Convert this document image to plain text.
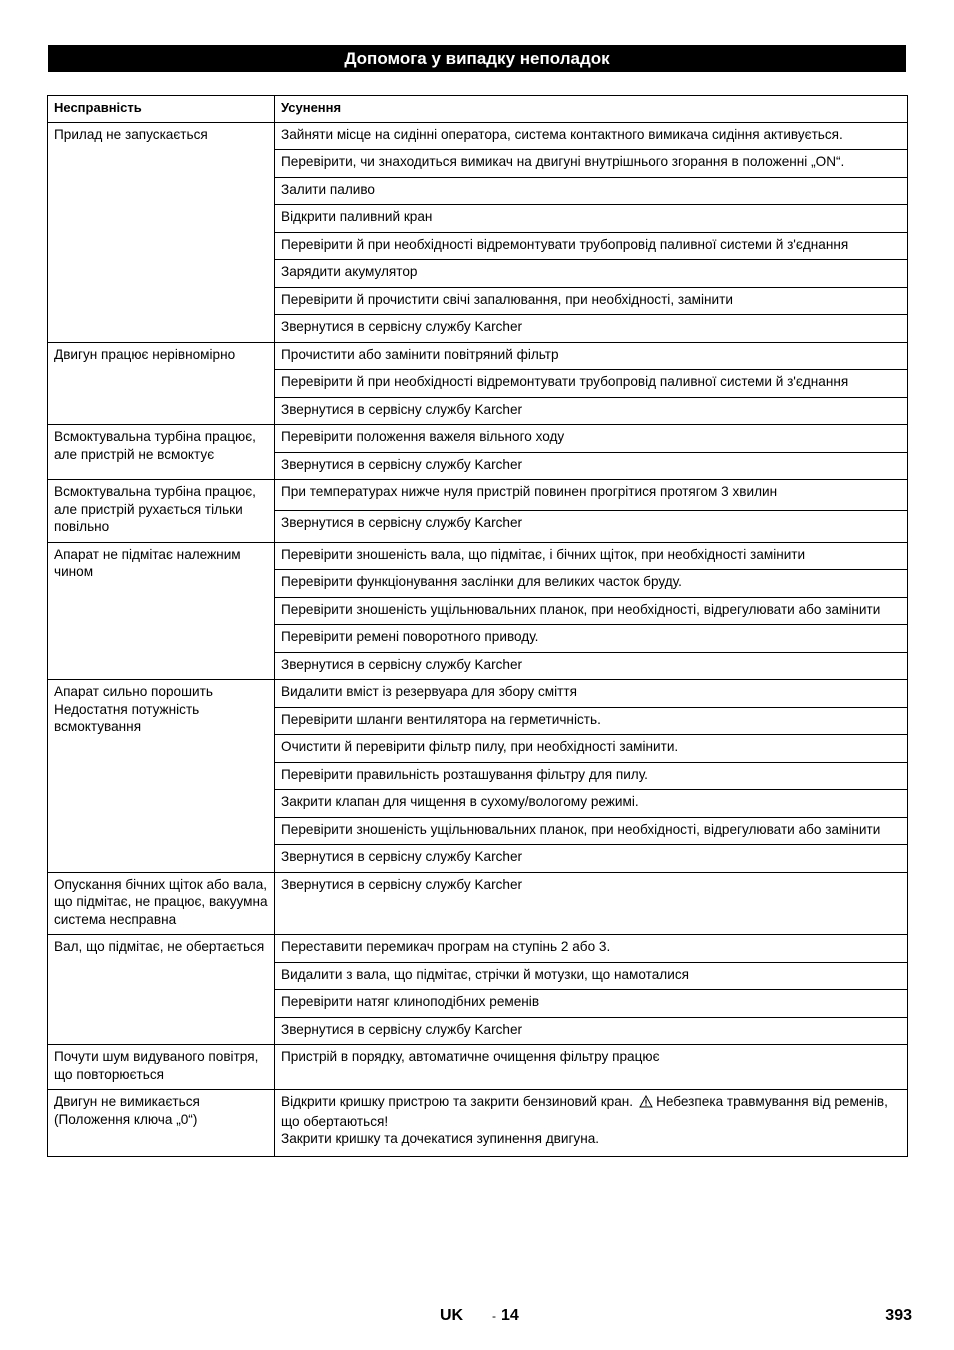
Допомога у випадку неполадок
Несправність	Усунення
Прилад не запускається	Зайняти місце на сидінні оператора, система контактного вимикача сидіння активується.
	Перевірити, чи знаходиться вимикач на двигуні внутрішнього згорання в положенні „ON“.
	Залити паливо
	Відкрити паливний кран
	Перевірити й при необхідності відремонтувати трубопровід паливної системи й з'єднання
	Зарядити акумулятор
	Перевірити й прочистити свічі запалювання, при необхідності, замінити
	Звернутися в сервісну службу Karcher
Двигун працює нерівномірно	Прочистити або замінити повітряний фільтр
	Перевірити й при необхідності відремонтувати трубопровід паливної системи й з'єднання
	Звернутися в сервісну службу Karcher
Всмоктувальна турбіна працює, але пристрій не всмоктує	Перевірити положення важеля вільного ходу
	Звернутися в сервісну службу Karcher
Всмоктувальна турбіна працює, але пристрій рухається тільки повільно	При температурах нижче нуля пристрій повинен прогрітися протягом 3 хвилин
	Звернутися в сервісну службу Karcher
Апарат не підмітає належним чином	Перевірити зношеність вала, що підмітає, і бічних щіток, при необхідності замінити
	Перевірити функціонування заслінки для великих часток бруду.
	Перевірити зношеність ущільнювальних планок, при необхідності, відрегулювати або замінити
	Перевірити ремені поворотного приводу.
	Звернутися в сервісну службу Karcher
Апарат сильно порошить Недостатня потужність всмоктування	Видалити вміст із резервуара для збору сміття
	Перевірити шланги вентилятора на герметичність.
	Очистити й перевірити фільтр пилу, при необхідності замінити.
	Перевірити правильність розташування фільтру для пилу.
	Закрити клапан для чищення в сухому/вологому режимі.
	Перевірити зношеність ущільнювальних планок, при необхідності, відрегулювати або замінити
	Звернутися в сервісну службу Karcher
Опускання бічних щіток або вала, що підмітає, не працює, вакуумна система несправна	Звернутися в сервісну службу Karcher
Вал, що підмітає, не обертається	Переставити перемикач програм на ступінь 2 або 3.
	Видалити з вала, що підмітає, стрічки й мотузки, що намоталися
	Перевірити натяг клиноподібних ременів
	Звернутися в сервісну службу Karcher
Почути шум видуваного повітря, що повторюється	Пристрій в порядку, автоматичне очищення фільтру працює
Двигун не вимикається (Положення ключа „0“)	Відкрити кришку пристрою та закрити бензиновий кран. Небезпека травмування від ременів, що обертаються!
Закрити кришку та дочекатися зупинення двигуна.
UK - 14	393
